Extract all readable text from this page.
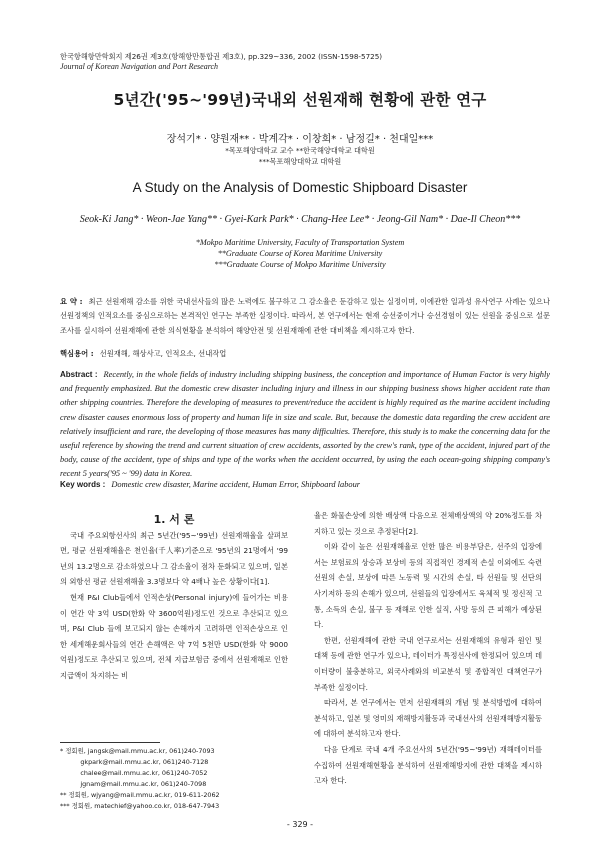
한국항해항만학회지 제26권 제3호(항해항만통합권 제3호), pp.329~336, 2002 (ISSN-1598-5725)
Journal of Korean Navigation and Port Research
5년간('95~'99년)국내외 선원재해 현황에 관한 연구
장석기* · 양원재** · 박계각* · 이창희* · 남정길* · 천대일***
*목포해양대학교 교수 **한국해양대학교 대학원
***목포해양대학교 대학원
A Study on the Analysis of Domestic Shipboard Disaster
Seok-Ki Jang* · Weon-Jae Yang** · Gyei-Kark Park* · Chang-Hee Lee* · Jeong-Gil Nam* · Dae-Il Cheon***
*Mokpo Maritime University, Faculty of Transportation System
**Graduate Course of Korea Maritime University
***Graduate Course of Mokpo Maritime University
요 약 : 최근 선원재해 감소를 위한 국내선사들의 많은 노력에도 불구하고 그 감소율은 둔감하고 있는 실정이며, 이에관한 일과성 유사연구 사례는 있으나 선원정책의 인적요소를 중심으로하는 본격적인 연구는 부족한 실정이다. 따라서, 본 연구에서는 현재 승선중이거나 승선경험이 있는 선원을 중심으로 설문조사를 실시하여 선원재해에 관한 의식현황을 분석하여 해양안전 및 선원재해에 관한 대비책을 제시하고자 한다.
핵심용어 : 선원재해, 해상사고, 인적요소, 선내작업
Abstract : Recently, in the whole fields of industry including shipping business, the conception and importance of Human Factor is very highly and frequently emphasized. But the domestic crew disaster including injury and illness in our shipping business shows higher accident rate than other shipping countries. Therefore the developing of measures to prevent/reduce the accident is highly required as the marine accident including crew disaster causes enormous loss of property and human life in size and scale. But, because the domestic data regarding the crew accident are relatively insufficient and rare, the developing of those measures has many difficulties. Therefore, this study is to make the concerning data for the useful reference by showing the trend and current situation of crew accidents, assorted by the crew's rank, type of the accident, injured part of the body, cause of the accident, type of ships and type of the works when the accident occurred, by using the each ocean-going shipping company's recent 5 years('95 ~ '99) data in Korea.
Key words : Domestic crew disaster, Marine accident, Human Error, Shipboard labour

1. 서 론

국내 주요외항선사의 최근 5년간('95~'99년) 선원재해율을 살펴보면, 평균 선원재해율은 천인율(千人率)기준으로 '95년의 21명에서 '99년의 13.2명으로 감소하였으나 그 감소율이 점차 둔화되고 있으며, 일본의 외항선 평균 선원재해율 3.3명보다 약 4배나 높은 상황이다[1].

현재 P&I Club들에서 인적손상(Personal injury)에 들어가는 비용이 연간 약 3억 USD(한화 약 3600억원)정도인 것으로 추산되고 있으며, P&I Club 들에 보고되지 않는 손해까지 고려하면 인적손상으로 인한 세계해운회사들의 연간 손해액은 약 7억 5천만 USD(한화 약 9000억원)정도로 추산되고 있으며, 전체 지급보험금 중에서 선원재해로 인한 지급액이 차지하는 비

율은 화물손상에 의한 배상액 다음으로 전체배상액의 약 20%정도를 차지하고 있는 것으로 추정된다[2].

이와 같이 높은 선원재해율로 인한 많은 비용부담은, 선주의 입장에서는 보험료의 상승과 보상비 등의 직접적인 경제적 손실 이외에도 숙련선원의 손실, 보상에 따른 노동력 및 시간의 손실, 타 선원들 및 선단의 사기저하 등의 손해가 있으며, 선원들의 입장에서도 육체적 및 정신적 고통, 소득의 손실, 불구 등 재해로 인한 실직, 사망 등의 큰 피해가 예상된다.

한편, 선원재해에 관한 국내 연구로서는 선원재해의 유형과 원인 및 대책 등에 관한 연구가 있으나, 데이터가 특정선사에 한정되어 있으며 데이터량이 불충분하고, 외국사례와의 비교분석 및 종합적인 대책연구가 부족한 실정이다.

따라서, 본 연구에서는 먼저 선원재해의 개념 및 분석방법에 대하여 분석하고, 일본 및 영미의 재해방지활동과 국내선사의 선원재해방지활동에 대하여 분석하고자 한다.

다음 단계로 국내 4개 주요선사의 5년간('95~'99년) 재해데이터를 수집하여 선원재해현황을 분석하여 선원재해방지에 관한 대책을 제시하고자 한다.

* 정회원, jangsk@mail.mmu.ac.kr, 061)240-7093
gkpark@mail.mmu.ac.kr, 061)240-7128
chalee@mail.mmu.ac.kr, 061)240-7052
jgnam@mail.mmu.ac.kr, 061)240-7098
** 정회원, wjyang@mail.mmu.ac.kr, 019-611-2062
*** 정회원, matechief@yahoo.co.kr, 018-647-7943
- 329 -
